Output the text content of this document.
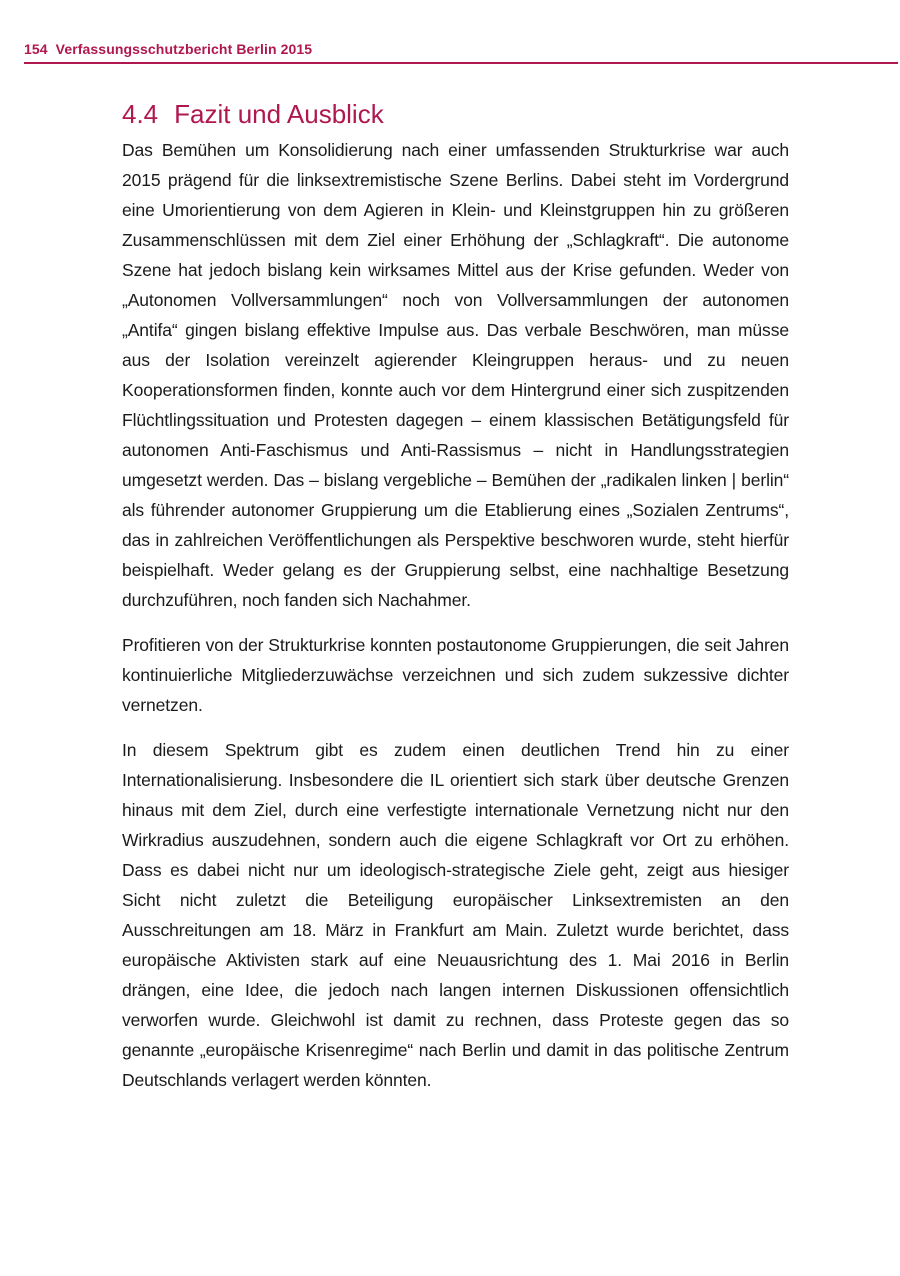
154 Verfassungsschutzbericht Berlin 2015
4.4 Fazit und Ausblick

Das Bemühen um Konsolidierung nach einer umfassenden Strukturkrise war auch 2015 prägend für die linksextremistische Szene Berlins. Dabei steht im Vordergrund eine Umorientierung von dem Agieren in Klein- und Kleinstgruppen hin zu größeren Zusammenschlüssen mit dem Ziel einer Erhöhung der „Schlagkraft“. Die autonome Szene hat jedoch bislang kein wirksames Mittel aus der Krise gefunden. Weder von „Autonomen Vollversammlungen“ noch von Vollversammlungen der autonomen „Antifa“ gingen bislang effektive Impulse aus. Das verbale Beschwören, man müsse aus der Isolation vereinzelt agierender Kleingruppen heraus- und zu neuen Kooperationsformen finden, konnte auch vor dem Hintergrund einer sich zuspitzenden Flüchtlingssituation und Protesten dagegen – einem klassischen Betätigungsfeld für autonomen Anti-Faschismus und Anti-Rassismus – nicht in Handlungsstrategien umgesetzt werden. Das – bislang vergebliche – Bemühen der „radikalen linken | berlin“ als führender autonomer Gruppierung um die Etablierung eines „Sozialen Zentrums“, das in zahlreichen Veröffentlichungen als Perspektive beschworen wurde, steht hierfür beispielhaft. Weder gelang es der Gruppierung selbst, eine nachhaltige Besetzung durchzuführen, noch fanden sich Nachahmer.

Profitieren von der Strukturkrise konnten postautonome Gruppierungen, die seit Jahren kontinuierliche Mitgliederzuwächse verzeichnen und sich zudem sukzessive dichter vernetzen.

In diesem Spektrum gibt es zudem einen deutlichen Trend hin zu einer Internationalisierung. Insbesondere die IL orientiert sich stark über deutsche Grenzen hinaus mit dem Ziel, durch eine verfestigte internationale Vernetzung nicht nur den Wirkradius auszudehnen, sondern auch die eigene Schlagkraft vor Ort zu erhöhen. Dass es dabei nicht nur um ideologisch-strategische Ziele geht, zeigt aus hiesiger Sicht nicht zuletzt die Beteiligung europäischer Linksextremisten an den Ausschreitungen am 18. März in Frankfurt am Main. Zuletzt wurde berichtet, dass europäische Aktivisten stark auf eine Neuausrichtung des 1. Mai 2016 in Berlin drängen, eine Idee, die jedoch nach langen internen Diskussionen offensichtlich verworfen wurde. Gleichwohl ist damit zu rechnen, dass Proteste gegen das so genannte „europäische Krisenregime“ nach Berlin und damit in das politische Zentrum Deutschlands verlagert werden könnten.
